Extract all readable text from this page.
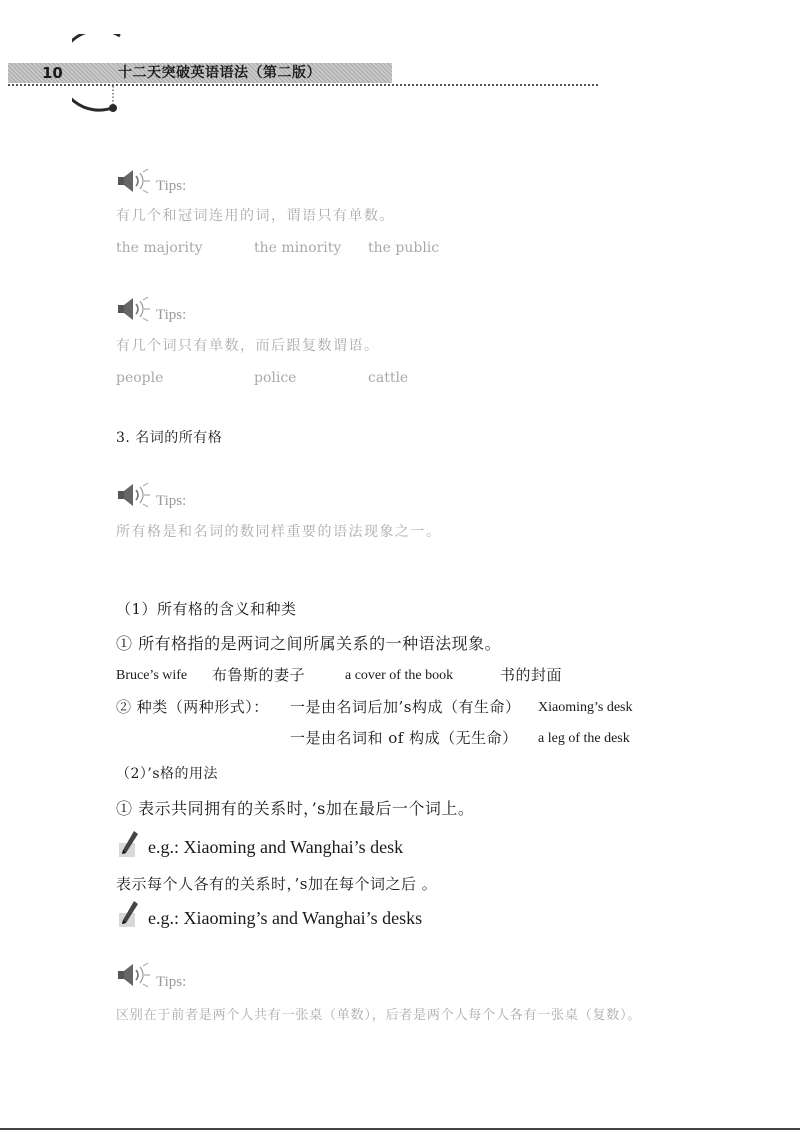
10	十二天突破英语语法（第二版）
Tips:
有几个和冠词连用的词，谓语只有单数。
the majority	the minority the public
Tips:
有几个词只有单数，而后跟复数谓语。
people	police	cattle
3. 名词的所有格
Tips:
所有格是和名词的数同样重要的语法现象之一。
（1）所有格的含义和种类
① 所有格指的是两词之间所属关系的一种语法现象。
Bruce’s wife 布鲁斯的妻子	a cover of the book	书的封面
② 种类（两种形式）： 一是由名词后加’s构成（有生命） Xiaoming’s desk
一是由名词和 of 构成（无生命） a leg of the desk
（2）’s格的用法
① 表示共同拥有的关系时，’s加在最后一个词上。
e.g.: Xiaoming and Wanghai’s desk
表示每个人各有的关系时，’s加在每个词之后 。
e.g.: Xiaoming’s and Wanghai’s desks
Tips:
区别在于前者是两个人共有一张桌（单数），后者是两个人每个人各有一张桌（复数）。
